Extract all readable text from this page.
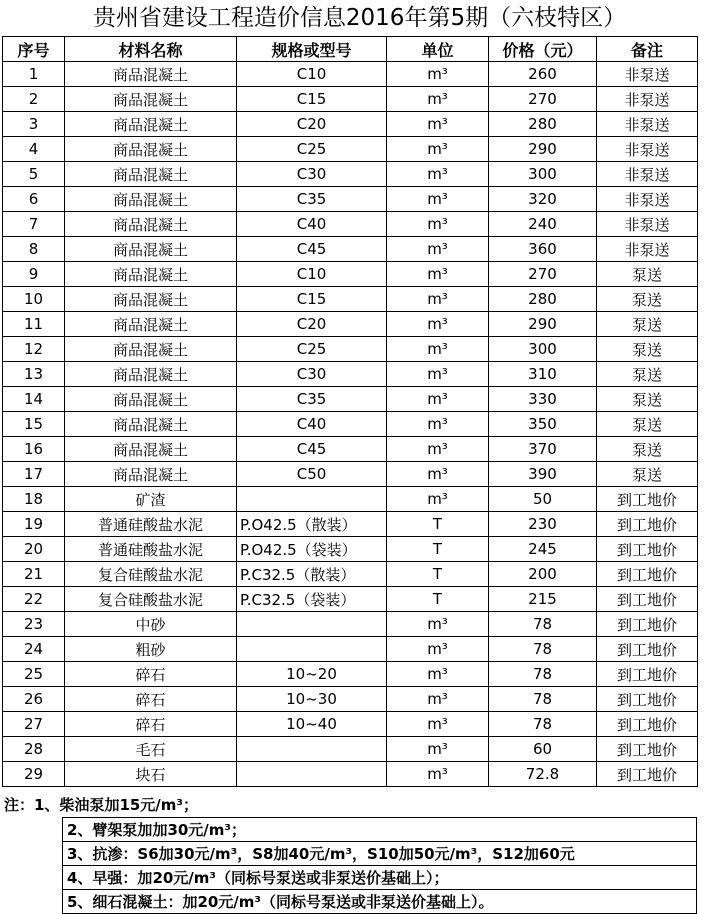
贵州省建设工程造价信息2016年第5期（六枝特区）
序号	材料名称	规格或型号	单位	价格（元）	备注
1	商品混凝土	C10	m³	260	非泵送
2	商品混凝土	C15	m³	270	非泵送
3	商品混凝土	C20	m³	280	非泵送
4	商品混凝土	C25	m³	290	非泵送
5	商品混凝土	C30	m³	300	非泵送
6	商品混凝土	C35	m³	320	非泵送
7	商品混凝土	C40	m³	240	非泵送
8	商品混凝土	C45	m³	360	非泵送
9	商品混凝土	C10	m³	270	泵送
10	商品混凝土	C15	m³	280	泵送
11	商品混凝土	C20	m³	290	泵送
12	商品混凝土	C25	m³	300	泵送
13	商品混凝土	C30	m³	310	泵送
14	商品混凝土	C35	m³	330	泵送
15	商品混凝土	C40	m³	350	泵送
16	商品混凝土	C45	m³	370	泵送
17	商品混凝土	C50	m³	390	泵送
18	矿渣		m³	50	到工地价
19	普通硅酸盐水泥	P.O42.5（散装）	T	230	到工地价
20	普通硅酸盐水泥	P.O42.5（袋装）	T	245	到工地价
21	复合硅酸盐水泥	P.C32.5（散装）	T	200	到工地价
22	复合硅酸盐水泥	P.C32.5（袋装）	T	215	到工地价
23	中砂		m³	78	到工地价
24	粗砂		m³	78	到工地价
25	碎石	10~20	m³	78	到工地价
26	碎石	10~30	m³	78	到工地价
27	碎石	10~40	m³	78	到工地价
28	毛石		m³	60	到工地价
29	块石		m³	72.8	到工地价
注：1、柴油泵加15元/m³；
2、臂架泵加加30元/m³；
3、抗渗：S6加30元/m³，S8加40元/m³，S10加50元/m³，S12加60元
4、早强：加20元/m³（同标号泵送或非泵送价基础上）；
5、细石混凝土：加20元/m³（同标号泵送或非泵送价基础上）。
